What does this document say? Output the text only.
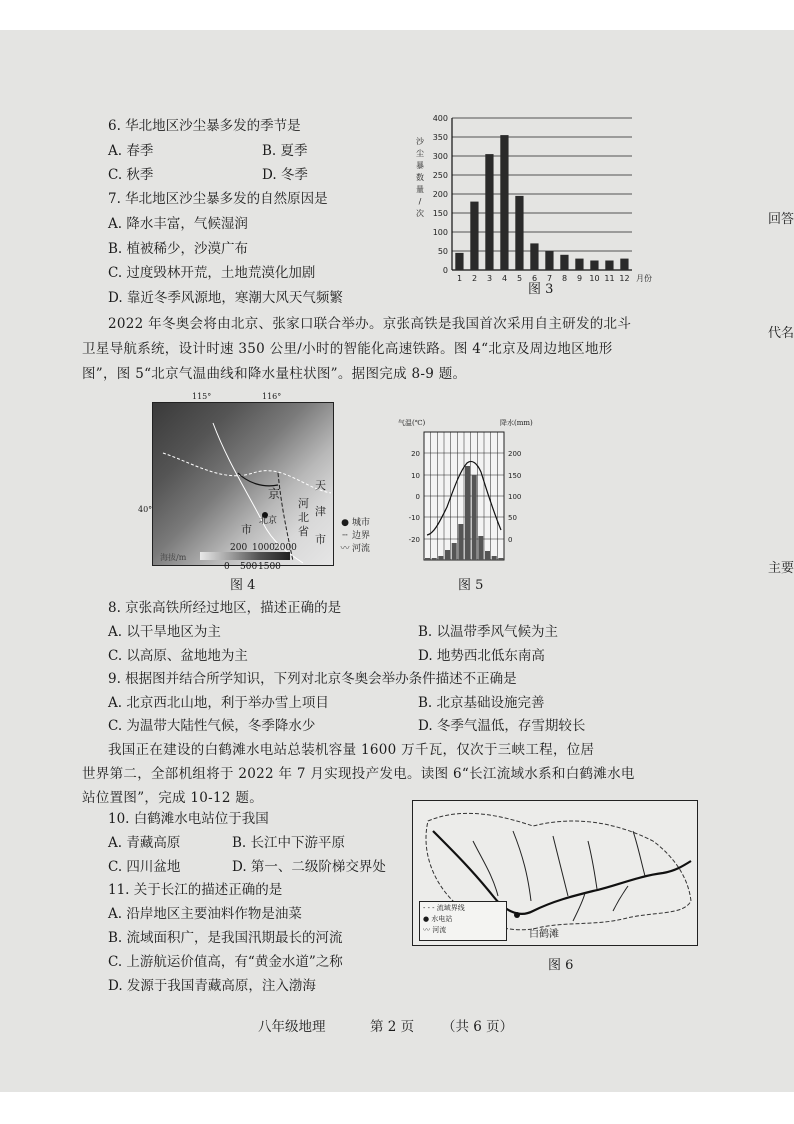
回答
代名
主要
6. 华北地区沙尘暴多发的季节是
A. 春季	B. 夏季
C. 秋季	D. 冬季
7. 华北地区沙尘暴多发的自然原因是
A. 降水丰富，气候湿润
B. 植被稀少，沙漠广布
C. 过度毁林开荒，土地荒漠化加剧
D. 靠近冬季风源地，寒潮大风天气频繁
0
50
100
150
200
250
300
350
400
1 2 3 4 5 6 7 8 9 10 11 12 月份
沙
尘
暴
数
量
/
次
图 3
2022 年冬奥会将由北京、张家口联合举办。京张高铁是我国首次采用自主研发的北斗
卫星导航系统，设计时速 350 公里/小时的智能化高速铁路。图 4“北京及周边地区地形
图”，图 5“北京气温曲线和降水量柱状图”。据图完成 8-9 题。
京
北京
市
河
北
省
天
津
市
115°	116°
40°
● 城市
┄ 边界
〰 河流
海拔/m
200 1000 2000
0 500 1500
图 4
气温(℃)	降水(mm)
20
10
0
-10
-20
200
150
100
50
0
图 5
8. 京张高铁所经过地区，描述正确的是
A. 以干旱地区为主	B. 以温带季风气候为主
C. 以高原、盆地地为主	D. 地势西北低东南高
9. 根据图并结合所学知识，下列对北京冬奥会举办条件描述不正确是
A. 北京西北山地，利于举办雪上项目	B. 北京基础设施完善
C. 为温带大陆性气候，冬季降水少	D. 冬季气温低，存雪期较长
我国正在建设的白鹤滩水电站总装机容量 1600 万千瓦，仅次于三峡工程，位居
世界第二，全部机组将于 2022 年 7 月实现投产发电。读图 6“长江流域水系和白鹤滩水电
站位置图”，完成 10-12 题。
10. 白鹤滩水电站位于我国
A. 青藏高原	B. 长江中下游平原
C. 四川盆地	D. 第一、二级阶梯交界处
11. 关于长江的描述正确的是
A. 沿岸地区主要油料作物是油菜
B. 流域面积广，是我国汛期最长的河流
C. 上游航运价值高，有“黄金水道”之称
D. 发源于我国青藏高原，注入渤海
- - - 流域界线
● 水电站
〰 河流	白鹤滩
图 6
八年级地理	第 2 页 （共 6 页）
